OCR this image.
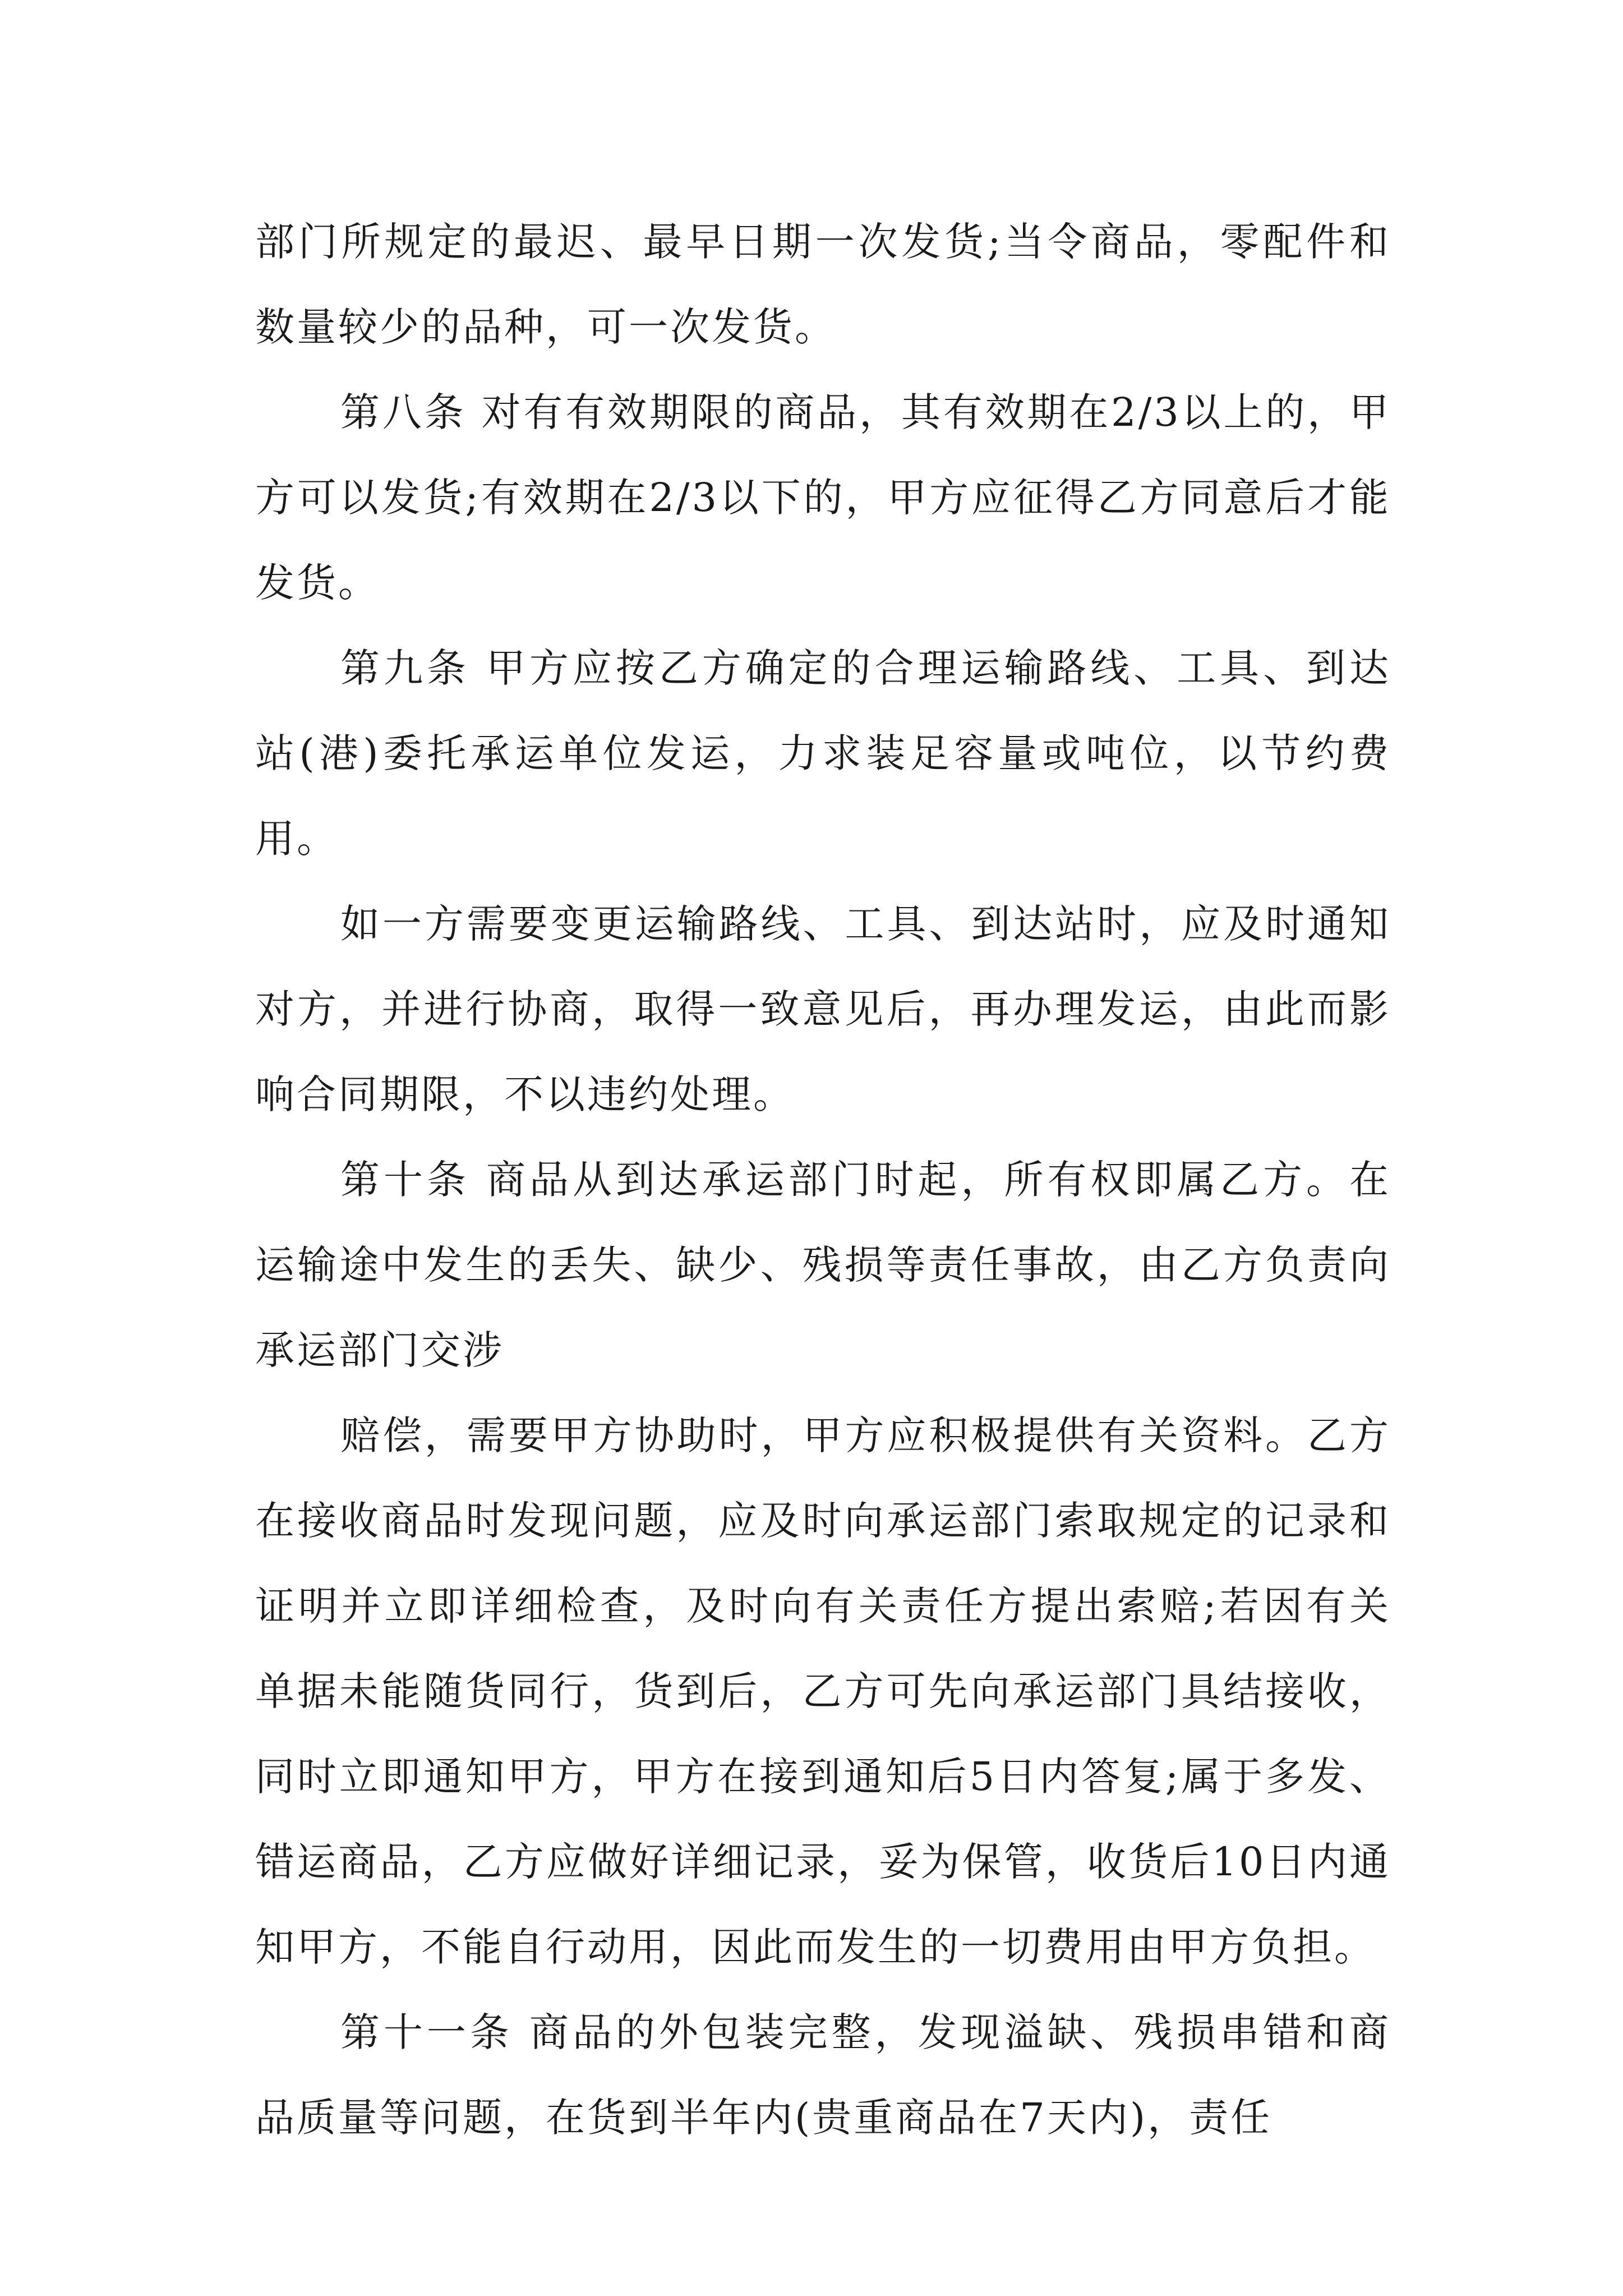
部门所规定的最迟、最早日期一次发货;当令商品，零配件和数量较少的品种，可一次发货。

第八条 对有有效期限的商品，其有效期在2/3以上的，甲方可以发货;有效期在2/3以下的，甲方应征得乙方同意后才能发货。

第九条 甲方应按乙方确定的合理运输路线、工具、到达站(港)委托承运单位发运，力求装足容量或吨位，以节约费用。

如一方需要变更运输路线、工具、到达站时，应及时通知对方，并进行协商，取得一致意见后，再办理发运，由此而影响合同期限，不以违约处理。

第十条 商品从到达承运部门时起，所有权即属乙方。在运输途中发生的丢失、缺少、残损等责任事故，由乙方负责向承运部门交涉

赔偿，需要甲方协助时，甲方应积极提供有关资料。乙方在接收商品时发现问题，应及时向承运部门索取规定的记录和证明并立即详细检查，及时向有关责任方提出索赔;若因有关单据未能随货同行，货到后，乙方可先向承运部门具结接收，同时立即通知甲方，甲方在接到通知后5日内答复;属于多发、错运商品，乙方应做好详细记录，妥为保管，收货后10日内通知甲方，不能自行动用，因此而发生的一切费用由甲方负担。

第十一条 商品的外包装完整，发现溢缺、残损串错和商品质量等问题，在货到半年内(贵重商品在7天内)，责任
